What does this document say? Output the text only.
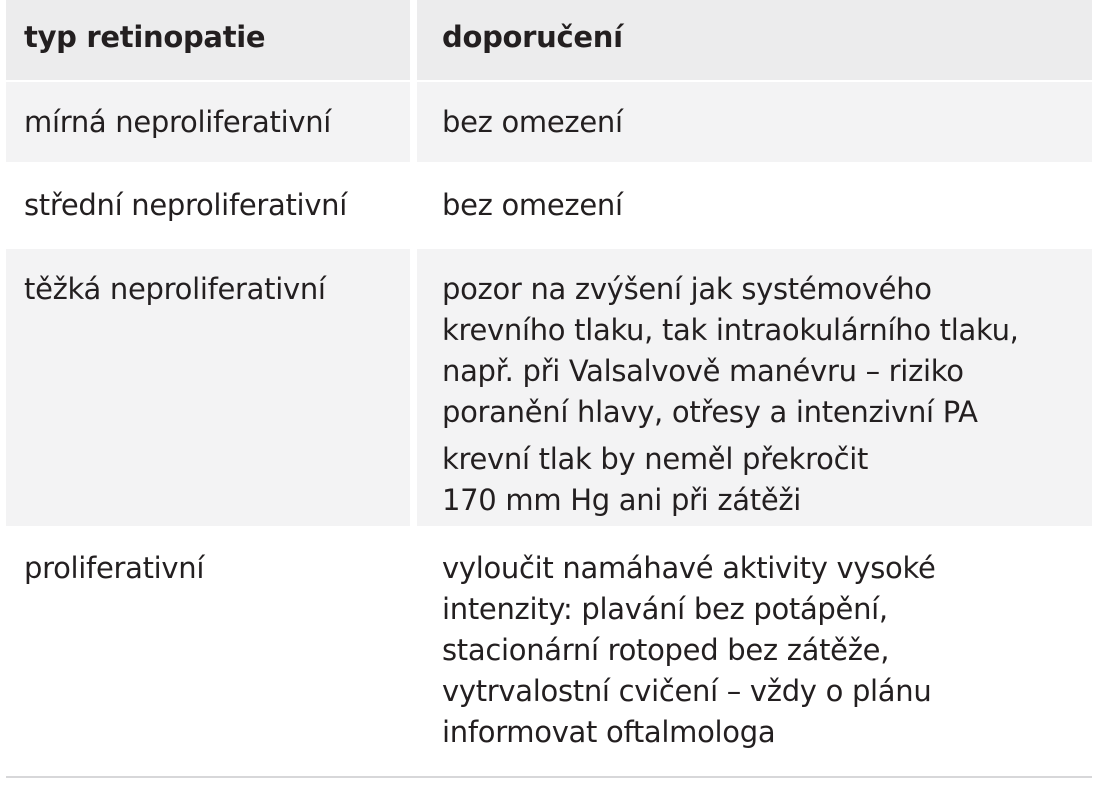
typ retinopatie	doporučení
mírná neproliferativní	bez omezení
střední neproliferativní	bez omezení
těžká neproliferativní	pozor na zvýšení jak systémového
krevního tlaku, tak intraokulárního tlaku,
např. při Valsalvově manévru – riziko
poranění hlavy, otřesy a intenzivní PA
krevní tlak by neměl překročit
170 mm Hg ani při zátěži
proliferativní	vyloučit namáhavé aktivity vysoké
intenzity: plavání bez potápění,
stacionární rotoped bez zátěže,
vytrvalostní cvičení – vždy o plánu
informovat oftalmologa
